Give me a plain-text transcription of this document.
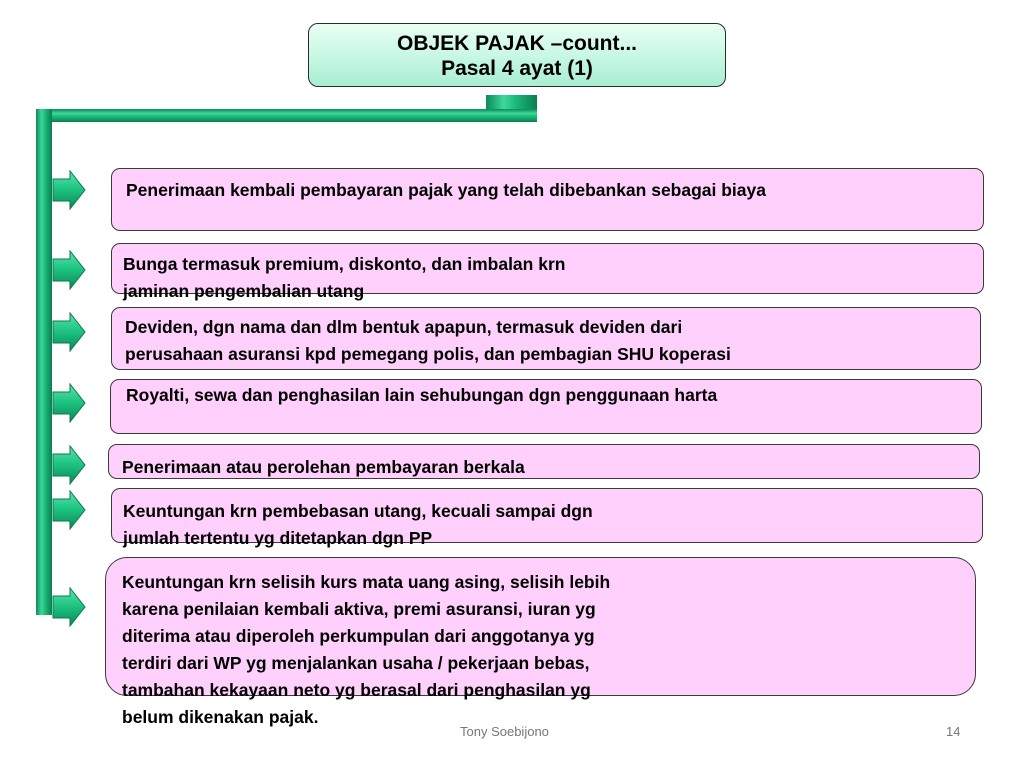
OBJEK PAJAK –count...
Pasal 4 ayat (1)
Penerimaan kembali pembayaran pajak yang telah dibebankan sebagai biaya
Bunga termasuk premium, diskonto, dan imbalan krn
jaminan pengembalian utang
Deviden, dgn nama dan dlm bentuk apapun, termasuk deviden dari
perusahaan asuransi kpd pemegang polis, dan pembagian SHU koperasi
Royalti, sewa dan penghasilan lain sehubungan dgn penggunaan harta
Penerimaan atau perolehan pembayaran berkala
Keuntungan krn pembebasan utang, kecuali sampai dgn
jumlah tertentu yg ditetapkan dgn PP
Keuntungan krn selisih kurs mata uang asing, selisih lebih
karena penilaian kembali aktiva, premi asuransi, iuran yg
diterima atau diperoleh perkumpulan dari anggotanya yg
terdiri dari WP yg menjalankan usaha / pekerjaan bebas,
tambahan kekayaan neto yg berasal dari penghasilan yg
belum dikenakan pajak.
Tony Soebijono	14
